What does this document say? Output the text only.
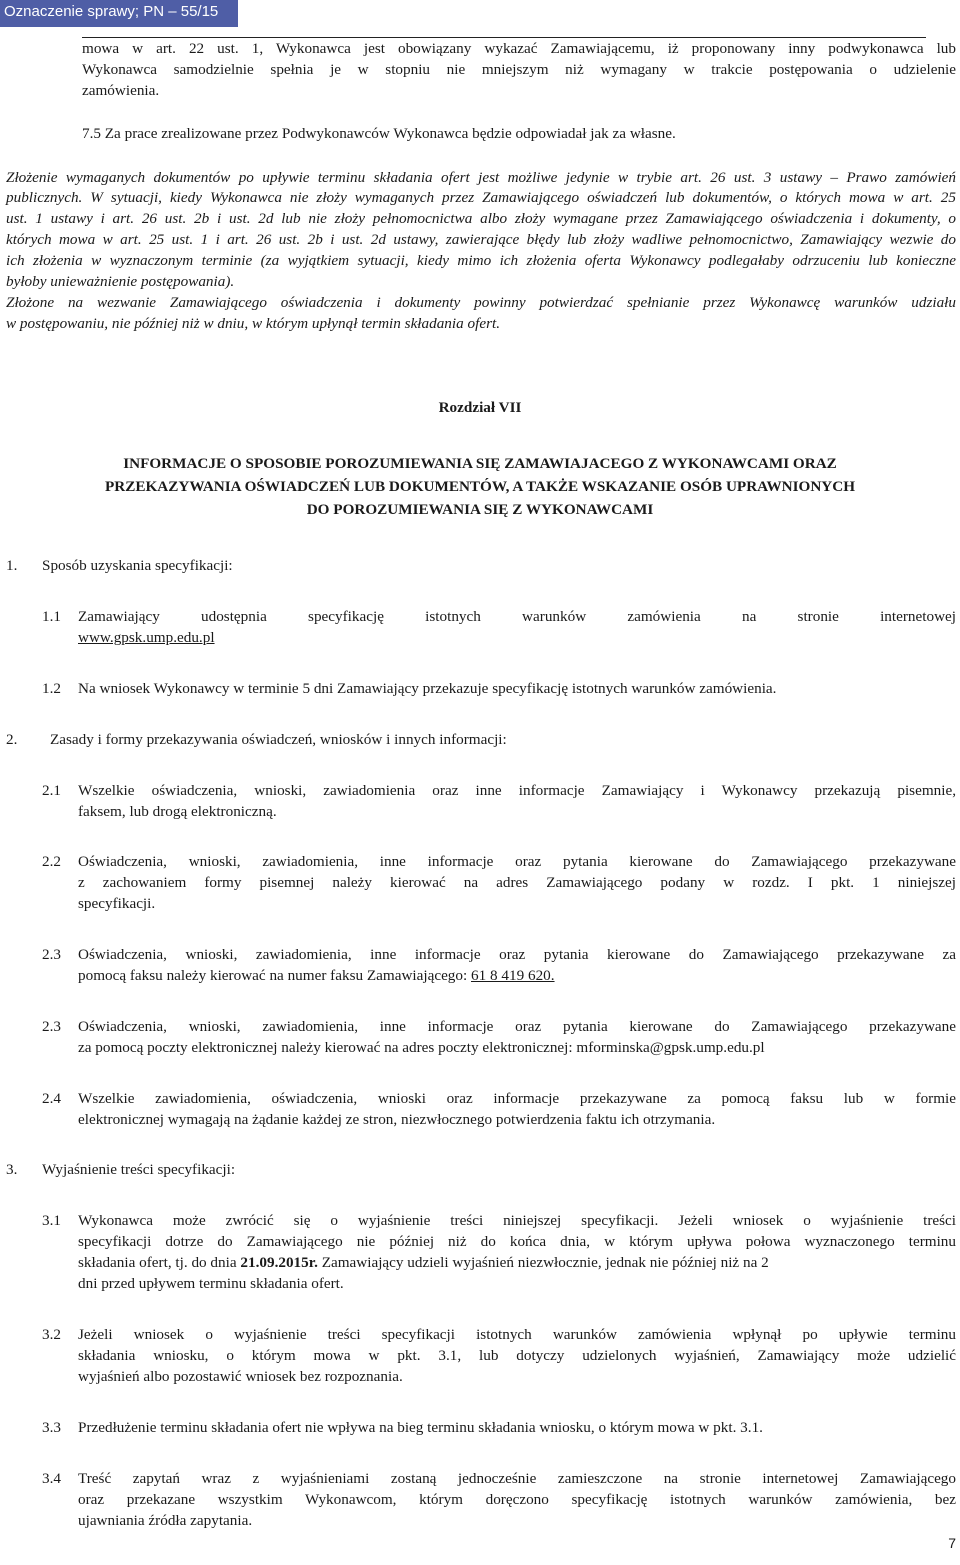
Oznaczenie sprawy; PN – 55/15
mowa w art. 22 ust. 1, Wykonawca jest obowiązany wykazać Zamawiającemu, iż proponowany inny podwykonawca lub
Wykonawca samodzielnie spełnia je w stopniu nie mniejszym niż wymagany w trakcie postępowania o udzielenie
zamówienia.
7.5 Za prace zrealizowane przez Podwykonawców Wykonawca będzie odpowiadał jak za własne.
Złożenie wymaganych dokumentów po upływie terminu składania ofert jest możliwe jedynie w trybie art. 26 ust. 3 ustawy – Prawo zamówień
publicznych. W sytuacji, kiedy Wykonawca nie złoży wymaganych przez Zamawiającego oświadczeń lub dokumentów, o których mowa w art. 25
ust. 1 ustawy i art. 26 ust. 2b i ust. 2d lub nie złoży pełnomocnictwa albo złoży wymagane przez Zamawiającego oświadczenia i dokumenty, o
których mowa w art. 25 ust. 1 i art. 26 ust. 2b i ust. 2d ustawy, zawierające błędy lub złoży wadliwe pełnomocnictwo, Zamawiający wezwie do
ich złożenia w wyznaczonym terminie (za wyjątkiem sytuacji, kiedy mimo ich złożenia oferta Wykonawcy podlegałaby odrzuceniu lub konieczne
byłoby unieważnienie postępowania).
Złożone na wezwanie Zamawiającego oświadczenia i dokumenty powinny potwierdzać spełnianie przez Wykonawcę warunków udziału
w postępowaniu, nie później niż w dniu, w którym upłynął termin składania ofert.
Rozdział VII
INFORMACJE O SPOSOBIE POROZUMIEWANIA SIĘ ZAMAWIAJACEGO Z WYKONAWCAMI ORAZ
PRZEKAZYWANIA OŚWIADCZEŃ LUB DOKUMENTÓW, A TAKŻE WSKAZANIE OSÓB UPRAWNIONYCH
DO POROZUMIEWANIA SIĘ Z WYKONAWCAMI
1. Sposób uzyskania specyfikacji:
1.1 Zamawiający udostępnia specyfikację istotnych warunków zamówienia na stronie internetowej
www.gpsk.ump.edu.pl
1.2 Na wniosek Wykonawcy w terminie 5 dni Zamawiający przekazuje specyfikację istotnych warunków zamówienia.
2. Zasady i formy przekazywania oświadczeń, wniosków i innych informacji:
2.1 Wszelkie oświadczenia, wnioski, zawiadomienia oraz inne informacje Zamawiający i Wykonawcy przekazują pisemnie,
faksem, lub drogą elektroniczną.
2.2 Oświadczenia, wnioski, zawiadomienia, inne informacje oraz pytania kierowane do Zamawiającego przekazywane
z zachowaniem formy pisemnej należy kierować na adres Zamawiającego podany w rozdz. I pkt. 1 niniejszej
specyfikacji.
2.3 Oświadczenia, wnioski, zawiadomienia, inne informacje oraz pytania kierowane do Zamawiającego przekazywane za
pomocą faksu należy kierować na numer faksu Zamawiającego: 61 8 419 620.
2.3 Oświadczenia, wnioski, zawiadomienia, inne informacje oraz pytania kierowane do Zamawiającego przekazywane
za pomocą poczty elektronicznej należy kierować na adres poczty elektronicznej: mforminska@gpsk.ump.edu.pl
2.4 Wszelkie zawiadomienia, oświadczenia, wnioski oraz informacje przekazywane za pomocą faksu lub w formie
elektronicznej wymagają na żądanie każdej ze stron, niezwłocznego potwierdzenia faktu ich otrzymania.
3. Wyjaśnienie treści specyfikacji:
3.1 Wykonawca może zwrócić się o wyjaśnienie treści niniejszej specyfikacji. Jeżeli wniosek o wyjaśnienie treści
specyfikacji dotrze do Zamawiającego nie później niż do końca dnia, w którym upływa połowa wyznaczonego terminu
składania ofert, tj. do dnia 21.09.2015r. Zamawiający udzieli wyjaśnień niezwłocznie, jednak nie później niż na 2
dni przed upływem terminu składania ofert.
3.2 Jeżeli wniosek o wyjaśnienie treści specyfikacji istotnych warunków zamówienia wpłynął po upływie terminu
składania wniosku, o którym mowa w pkt. 3.1, lub dotyczy udzielonych wyjaśnień, Zamawiający może udzielić
wyjaśnień albo pozostawić wniosek bez rozpoznania.
3.3 Przedłużenie terminu składania ofert nie wpływa na bieg terminu składania wniosku, o którym mowa w pkt. 3.1.
3.4 Treść zapytań wraz z wyjaśnieniami zostaną jednocześnie zamieszczone na stronie internetowej Zamawiającego
oraz przekazane wszystkim Wykonawcom, którym doręczono specyfikację istotnych warunków zamówienia, bez
ujawniania źródła zapytania.
7
